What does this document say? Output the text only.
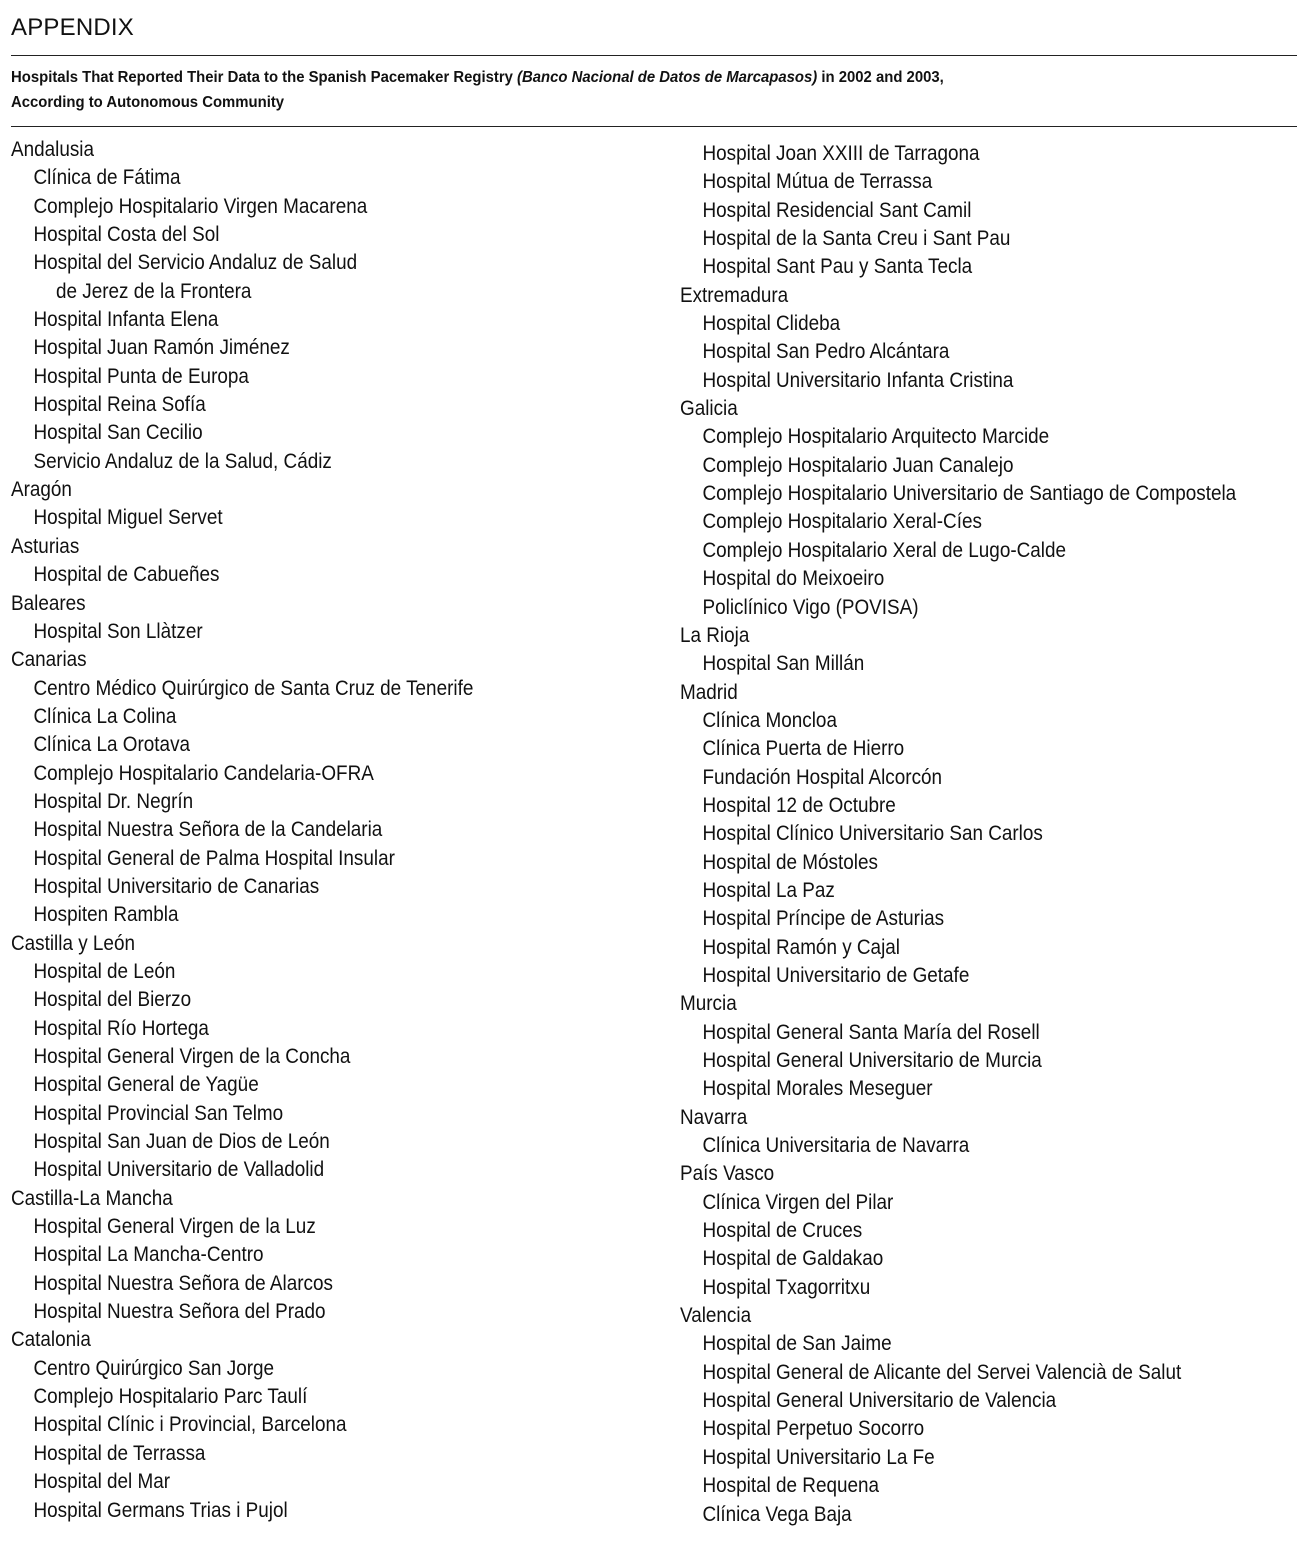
APPENDIX
Hospitals That Reported Their Data to the Spanish Pacemaker Registry (Banco Nacional de Datos de Marcapasos) in 2002 and 2003,
According to Autonomous Community
Andalusia
Clínica de Fátima
Complejo Hospitalario Virgen Macarena
Hospital Costa del Sol
Hospital del Servicio Andaluz de Salud
de Jerez de la Frontera
Hospital Infanta Elena
Hospital Juan Ramón Jiménez
Hospital Punta de Europa
Hospital Reina Sofía
Hospital San Cecilio
Servicio Andaluz de la Salud, Cádiz
Aragón
Hospital Miguel Servet
Asturias
Hospital de Cabueñes
Baleares
Hospital Son Llàtzer
Canarias
Centro Médico Quirúrgico de Santa Cruz de Tenerife
Clínica La Colina
Clínica La Orotava
Complejo Hospitalario Candelaria-OFRA
Hospital Dr. Negrín
Hospital Nuestra Señora de la Candelaria
Hospital General de Palma Hospital Insular
Hospital Universitario de Canarias
Hospiten Rambla
Castilla y León
Hospital de León
Hospital del Bierzo
Hospital Río Hortega
Hospital General Virgen de la Concha
Hospital General de Yagüe
Hospital Provincial San Telmo
Hospital San Juan de Dios de León
Hospital Universitario de Valladolid
Castilla-La Mancha
Hospital General Virgen de la Luz
Hospital La Mancha-Centro
Hospital Nuestra Señora de Alarcos
Hospital Nuestra Señora del Prado
Catalonia
Centro Quirúrgico San Jorge
Complejo Hospitalario Parc Taulí
Hospital Clínic i Provincial, Barcelona
Hospital de Terrassa
Hospital del Mar
Hospital Germans Trias i Pujol
Hospital Joan XXIII de Tarragona
Hospital Mútua de Terrassa
Hospital Residencial Sant Camil
Hospital de la Santa Creu i Sant Pau
Hospital Sant Pau y Santa Tecla
Extremadura
Hospital Clideba
Hospital San Pedro Alcántara
Hospital Universitario Infanta Cristina
Galicia
Complejo Hospitalario Arquitecto Marcide
Complejo Hospitalario Juan Canalejo
Complejo Hospitalario Universitario de Santiago de Compostela
Complejo Hospitalario Xeral-Cíes
Complejo Hospitalario Xeral de Lugo-Calde
Hospital do Meixoeiro
Policlínico Vigo (POVISA)
La Rioja
Hospital San Millán
Madrid
Clínica Moncloa
Clínica Puerta de Hierro
Fundación Hospital Alcorcón
Hospital 12 de Octubre
Hospital Clínico Universitario San Carlos
Hospital de Móstoles
Hospital La Paz
Hospital Príncipe de Asturias
Hospital Ramón y Cajal
Hospital Universitario de Getafe
Murcia
Hospital General Santa María del Rosell
Hospital General Universitario de Murcia
Hospital Morales Meseguer
Navarra
Clínica Universitaria de Navarra
País Vasco
Clínica Virgen del Pilar
Hospital de Cruces
Hospital de Galdakao
Hospital Txagorritxu
Valencia
Hospital de San Jaime
Hospital General de Alicante del Servei Valencià de Salut
Hospital General Universitario de Valencia
Hospital Perpetuo Socorro
Hospital Universitario La Fe
Hospital de Requena
Clínica Vega Baja
